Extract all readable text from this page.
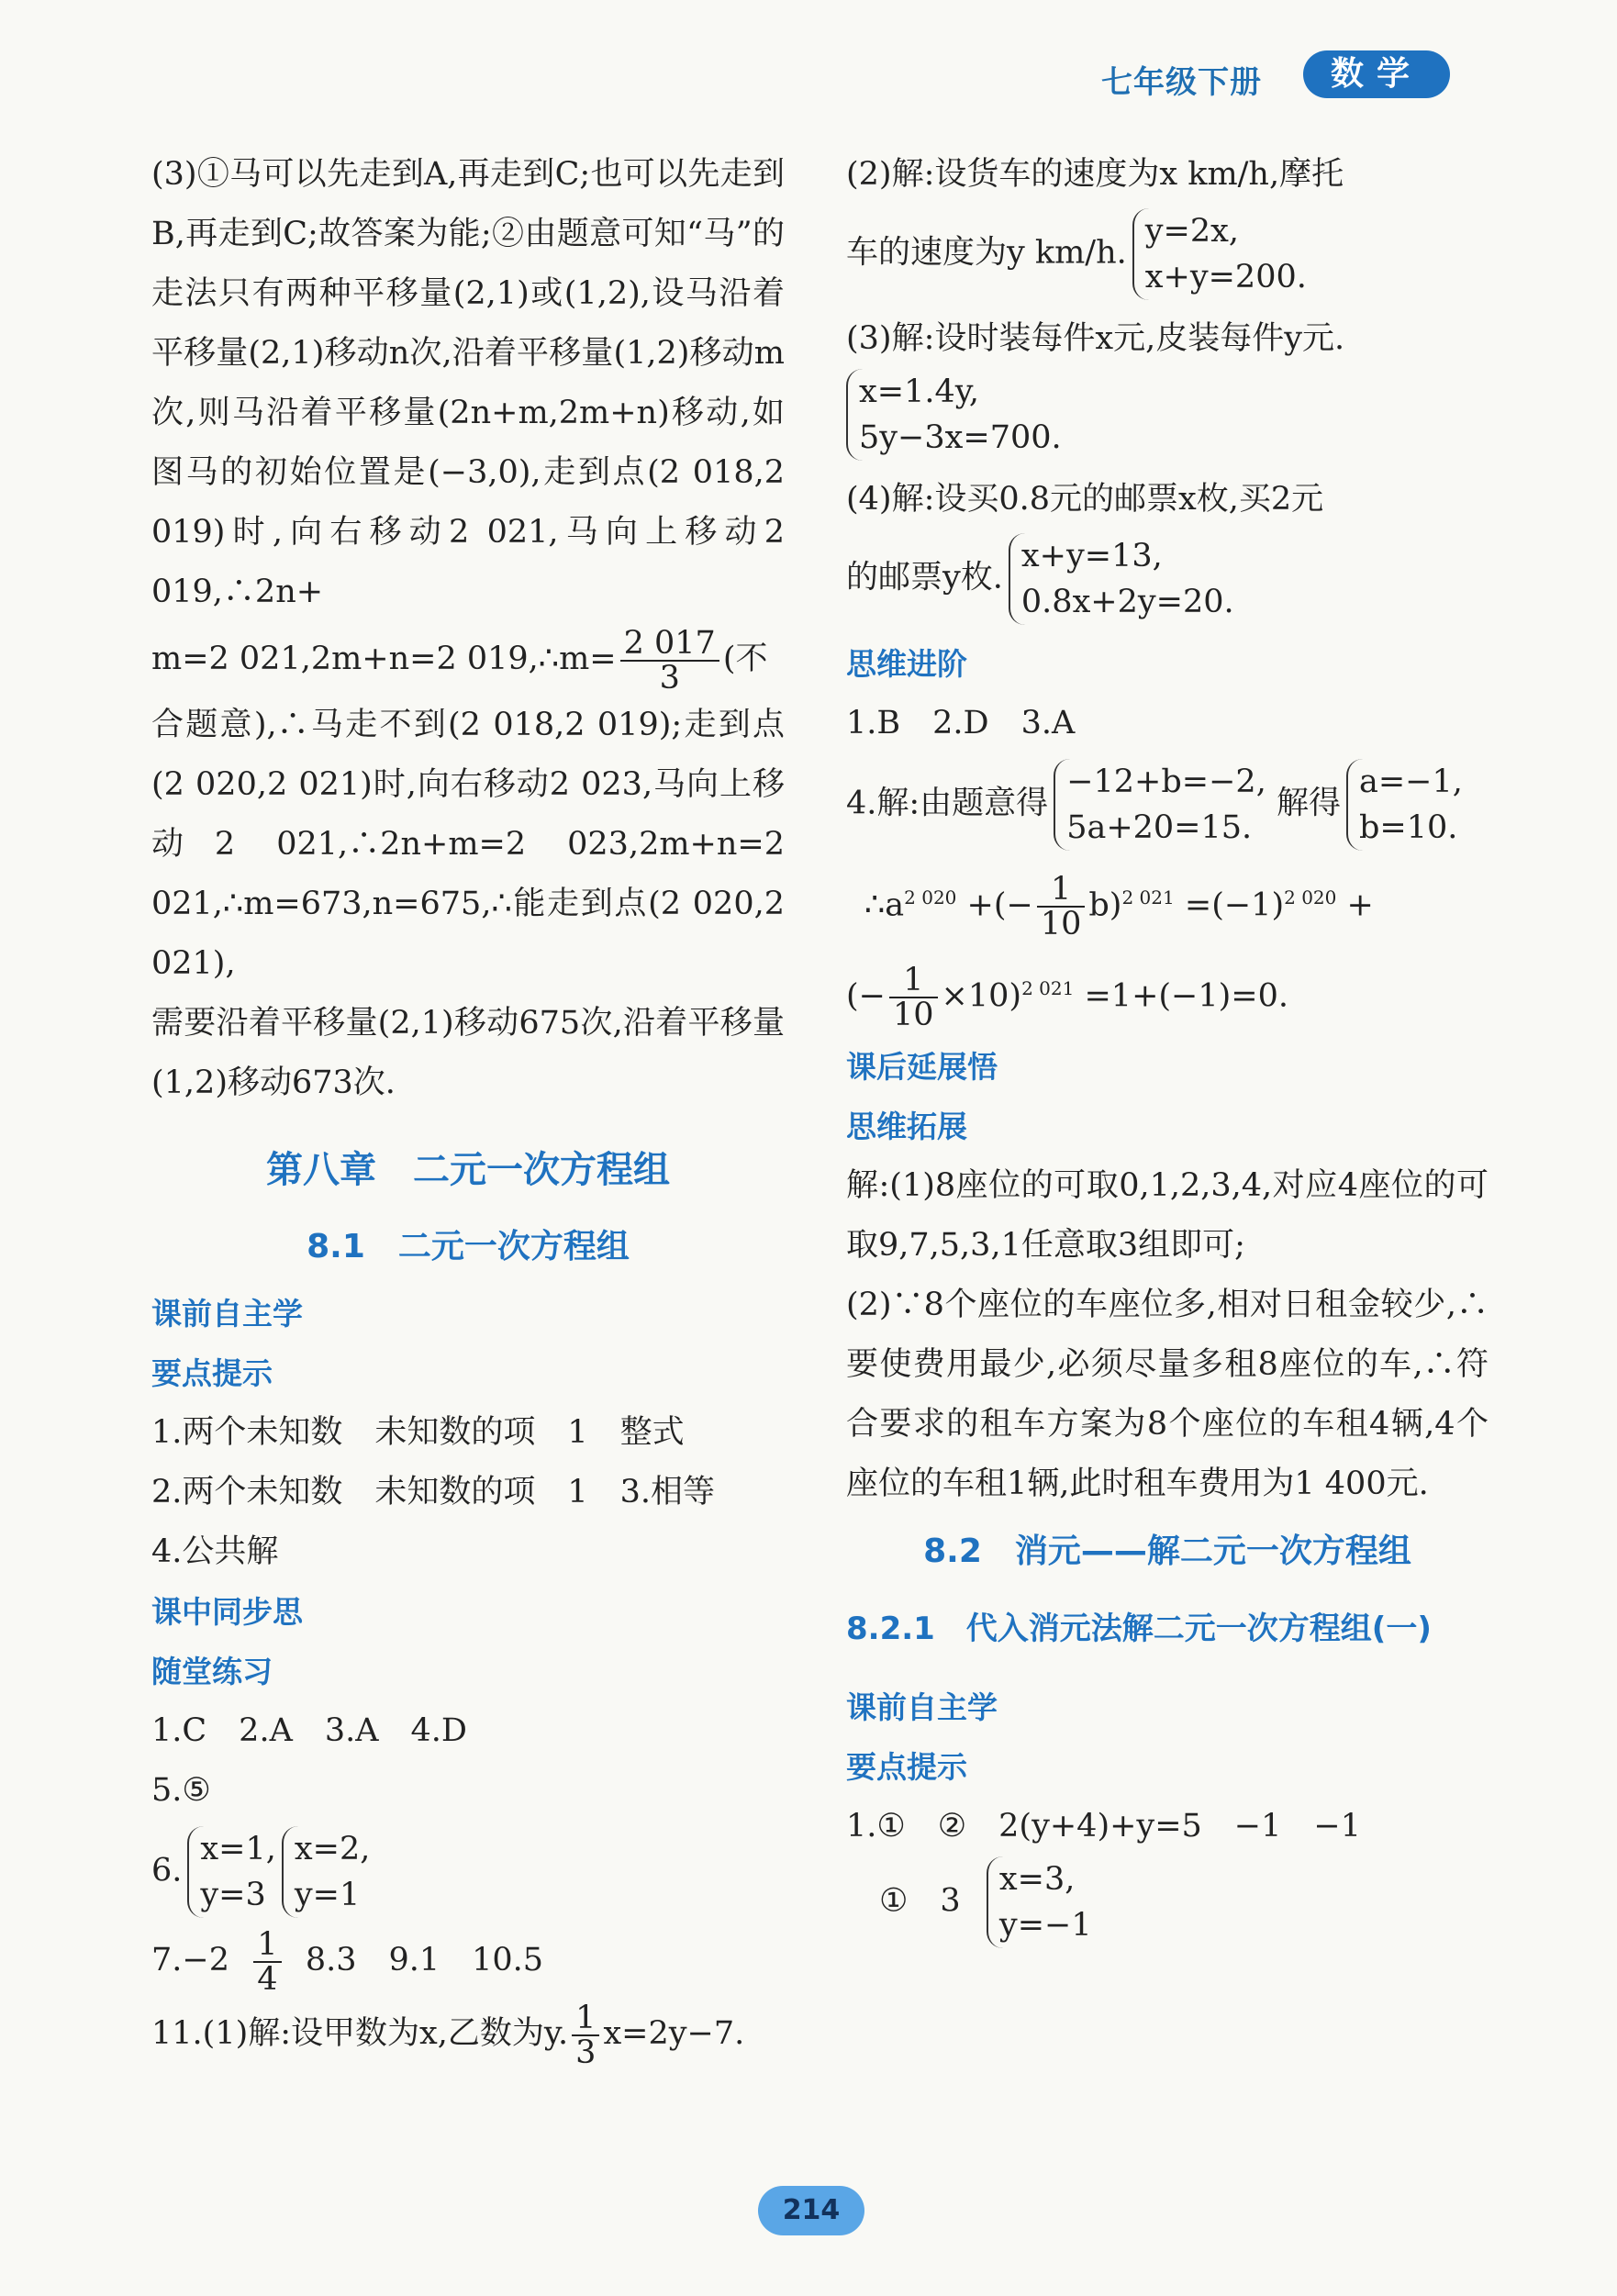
七年级下册	数学

(3)①马可以先走到A,再走到C;也可以先走到B,再走到C;故答案为能;②由题意可知“马”的走法只有两种平移量(2,1)或(1,2),设马沿着平移量(2,1)移动n次,沿着平移量(1,2)移动m次,则马沿着平移量(2n+m,2m+n)移动,如图马的初始位置是(−3,0),走到点(2 018,2 019)时,向右移动2 021,马向上移动2 019,∴2n+

m=2 021,2m+n=2 019,∴m= $\frac{2 017}{3}$ (不

合题意),∴马走不到(2 018,2 019);走到点(2 020,2 021)时,向右移动2 023,马向上移动2 021,∴2n+m=2 023,2m+n=2 021,∴m=673,n=675,∴能走到点(2 020,2 021),

需要沿着平移量(2,1)移动675次,沿着平移量(1,2)移动673次.

第八章　二元一次方程组
8.1　二元一次方程组
课前自主学
要点提示
1.两个未知数　未知数的项　1　整式
2.两个未知数　未知数的项　1　3.相等
4.公共解
课中同步思
随堂练习
1.C　2.A　3.A　4.D
5.⑤
6.
x=1,
y=3
x=2,
y=1
$7.-2 \frac{1}{4} 8.3$　9.1　10.5
11.(1)解:设甲数为x,乙数为y. $\frac{1}{3} x=2y-7$.
(2)解:设货车的速度为x km/h,摩托
车的速度为y km/h.
y=2x,
x+y=200.
(3)解:设时装每件x元,皮装每件y元.
x=1.4y,
5y−3x=700.
(4)解:设买0.8元的邮票x枚,买2元
的邮票y枚.
x+y=13,
0.8x+2y=20.
思维进阶
1.B　2.D　3.A
4.解:由题意得
−12+b=−2,
5a+20=15.
解得
a=−1,
b=10.
$\therefore a^{2 020}$ +(− $\frac{1}{10} b)^{2 021} =(-1)^{2 020}$ +
(− $\frac{1}{10} \times 10)^{2 021} =1+(-1)=0$.
课后延展悟
思维拓展

解:(1)8座位的可取0,1,2,3,4,对应4座位的可取9,7,5,3,1任意取3组即可;

(2)∵8个座位的车座位多,相对日租金较少,∴要使费用最少,必须尽量多租8座位的车,∴符合要求的租车方案为8个座位的车租4辆,4个座位的车租1辆,此时租车费用为1 400元.

8.2　消元——解二元一次方程组
8.2.1　代入消元法解二元一次方程组(一)
课前自主学
要点提示
1.①　②　2(y+4)+y=5　−1　−1
①　3
x=3,
y=−1
214
